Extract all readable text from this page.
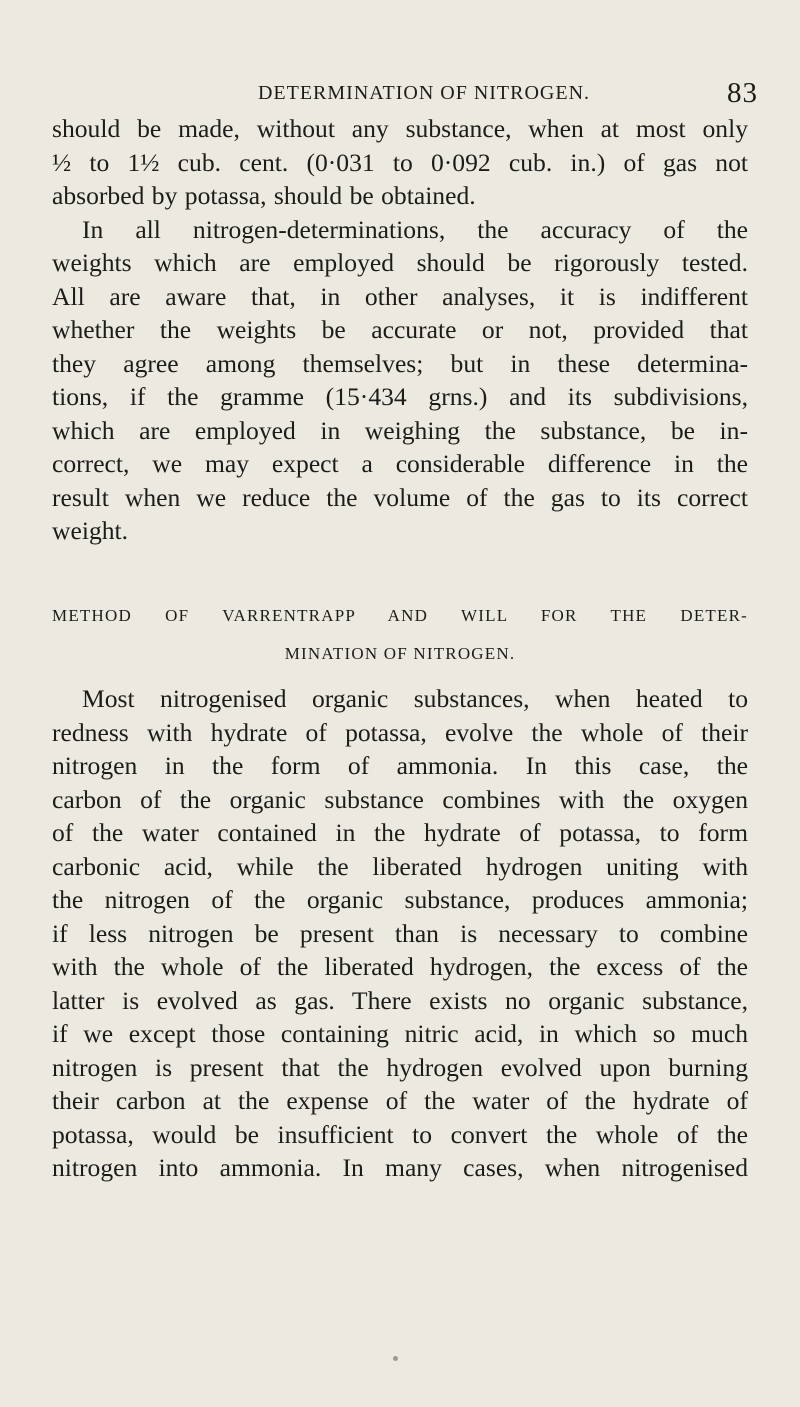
DETERMINATION OF NITROGEN.	83
should be made, without any substance, when at most only
½ to 1½ cub. cent. (0·031 to 0·092 cub. in.) of gas not
absorbed by potassa, should be obtained.
In all nitrogen-determinations, the accuracy of the
weights which are employed should be rigorously tested.
All are aware that, in other analyses, it is indifferent
whether the weights be accurate or not, provided that
they agree among themselves; but in these determina-
tions, if the gramme (15·434 grns.) and its subdivisions,
which are employed in weighing the substance, be in-
correct, we may expect a considerable difference in the
result when we reduce the volume of the gas to its correct
weight.
METHOD OF VARRENTRAPP AND WILL FOR THE DETER-
MINATION OF NITROGEN.
Most nitrogenised organic substances, when heated to
redness with hydrate of potassa, evolve the whole of their
nitrogen in the form of ammonia. In this case, the
carbon of the organic substance combines with the oxygen
of the water contained in the hydrate of potassa, to form
carbonic acid, while the liberated hydrogen uniting with
the nitrogen of the organic substance, produces ammonia;
if less nitrogen be present than is necessary to combine
with the whole of the liberated hydrogen, the excess of the
latter is evolved as gas. There exists no organic substance,
if we except those containing nitric acid, in which so much
nitrogen is present that the hydrogen evolved upon burning
their carbon at the expense of the water of the hydrate of
potassa, would be insufficient to convert the whole of the
nitrogen into ammonia. In many cases, when nitrogenised
